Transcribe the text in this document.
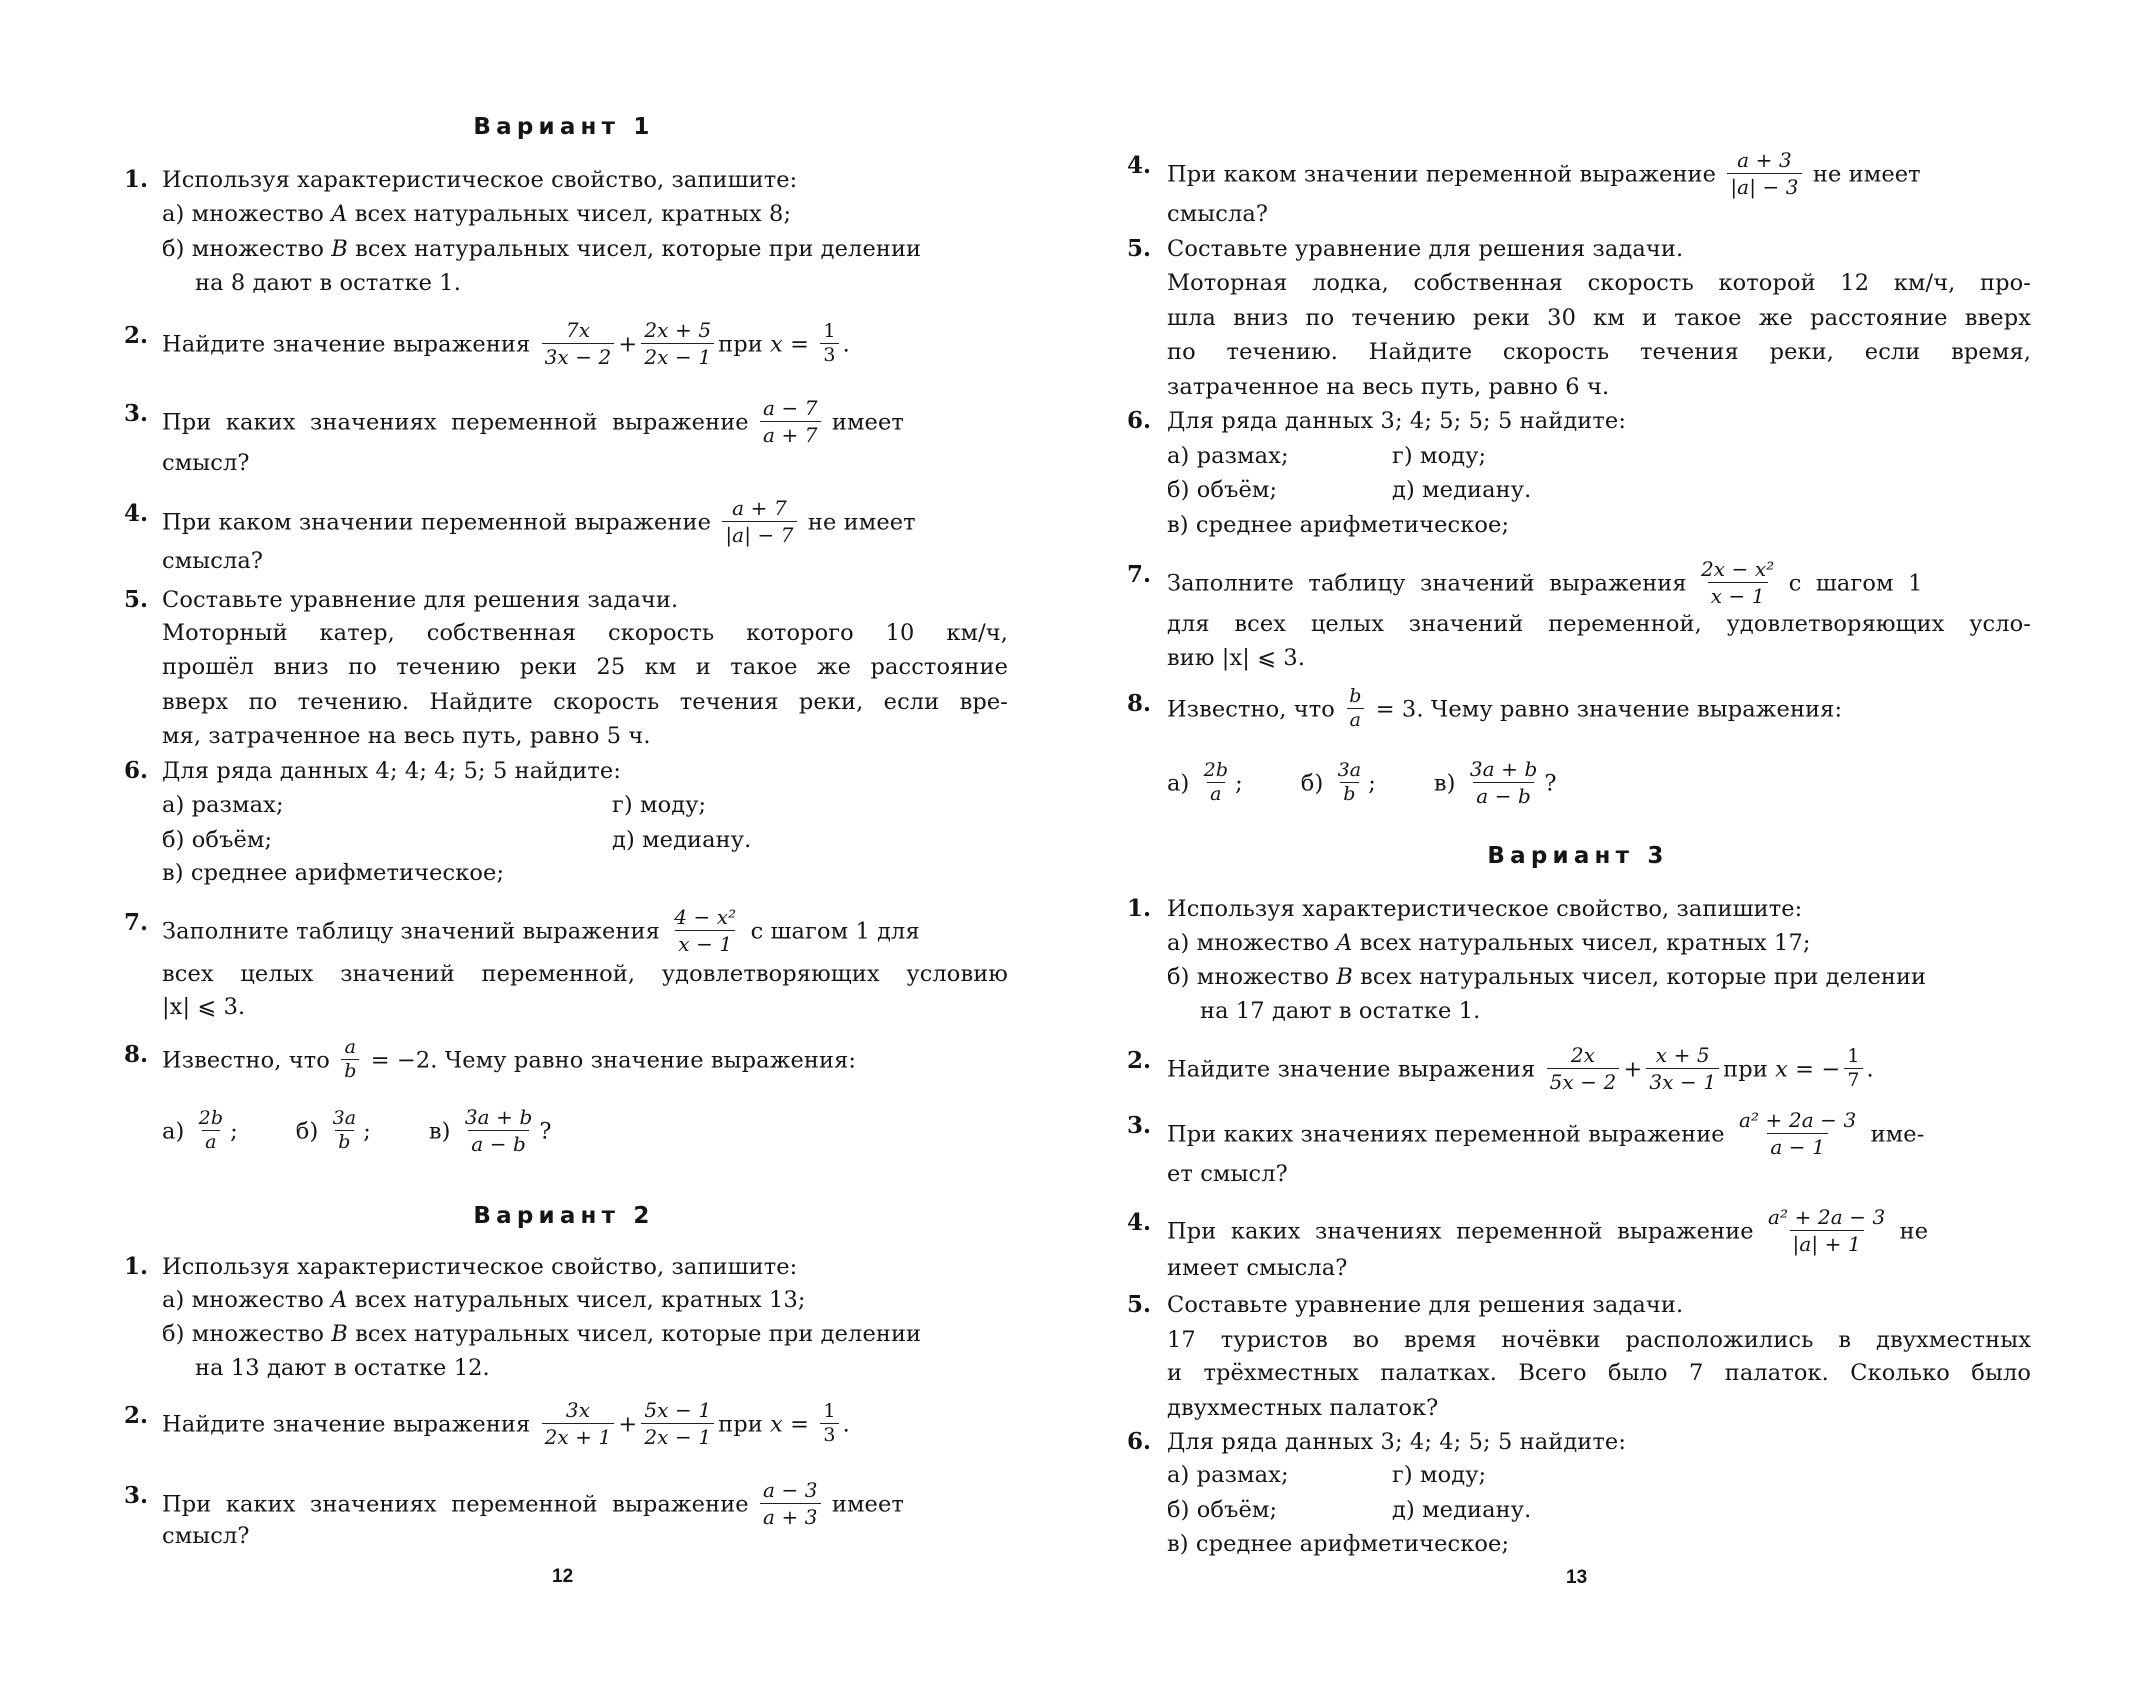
Вариант 1
1. Используя характеристическое свойство, запишите:
а) множество A всех натуральных чисел, кратных 8;
б) множество B всех натуральных чисел, которые при делении
на 8 дают в остатке 1.
2. Найдите значение выражения $\frac{7x}{3x - 2} + \frac{2x + 5}{2x - 1}$ при $x = \frac{1}{3}$ .
3. При  каких  значениях  переменной  выражение $\frac{a - 7}{a + 7}$ имеет
смысл?
4. При каком значении переменной выражение $\frac{a + 7}{|a| - 7}$ не имеет
смысла?
5. Составьте уравнение для решения задачи.
Моторный  катер,  собственная  скорость  которого  10  км/ч,
прошёл вниз по течению реки 25 км и такое же расстояние
вверх по течению. Найдите скорость течения реки, если вре-
мя, затраченное на весь путь, равно 5 ч.
6. Для ряда данных 4; 4; 4; 5; 5 найдите:
г) моду;
а) размах;
д) медиану.
б) объём;
в) среднее арифметическое;
7. Заполните таблицу значений выражения $\frac{\text{4 − x²}}{x - 1}$ с шагом 1 для
всех целых значений переменной, удовлетворяющих условию
|x| ⩽ 3.
8. Известно, что $\frac{a}{b} = -2$. Чему равно значение выражения:
$а) \frac{2b}{a}$ ;        $б) \frac{3a}{b}$ ;        $в) \frac{3a + b}{a - b}$ ?
Вариант 2
1. Используя характеристическое свойство, запишите:
а) множество A всех натуральных чисел, кратных 13;
б) множество B всех натуральных чисел, которые при делении
на 13 дают в остатке 12.
2. Найдите значение выражения $\frac{3x}{2x + 1} + \frac{5x - 1}{2x - 1}$ при $x = \frac{1}{3}$ .
3. При  каких  значениях  переменной  выражение $\frac{a - 3}{a + 3}$ имеет
смысл?
12
4. При каком значении переменной выражение $\frac{a + 3}{|a| - 3}$ не имеет
смысла?
5. Составьте уравнение для решения задачи.
Моторная лодка, собственная скорость которой 12 км/ч, про-
шла вниз по течению реки 30 км и такое же расстояние вверх
по  течению.  Найдите  скорость  течения  реки,  если  время,
затраченное на весь путь, равно 6 ч.
6. Для ряда данных 3; 4; 5; 5; 5 найдите:
г) моду;
а) размах;
д) медиану.
б) объём;
в) среднее арифметическое;
7. Заполните  таблицу  значений  выражения $\frac{\text{2x − x²}}{x - 1}$ с  шагом  1
для всех целых значений переменной, удовлетворяющих усло-
вию |x| ⩽ 3.
8. Известно, что $\frac{b}{a} = 3$. Чему равно значение выражения:
$а) \frac{2b}{a}$ ;        $б) \frac{3a}{b}$ ;        $в) \frac{3a + b}{a - b}$ ?
Вариант 3
1. Используя характеристическое свойство, запишите:
а) множество A всех натуральных чисел, кратных 17;
б) множество B всех натуральных чисел, которые при делении
на 17 дают в остатке 1.
2. Найдите значение выражения $\frac{2x}{5x - 2} + \frac{x + 5}{3x - 1}$ при x = − $\frac{1}{7}$ .
3. При каких значениях переменной выражение $\frac{\text{a² + 2a − 3}}{a - 1} име-$
ет смысл?
4. При  каких  значениях  переменной  выражение $\frac{\text{a² + 2a − 3}}{|a| + 1}$ не
имеет смысла?
5. Составьте уравнение для решения задачи.
17 туристов во время ночёвки расположились в двухместных
и трёхместных палатках. Всего было 7 палаток. Сколько было
двухместных палаток?
6. Для ряда данных 3; 4; 4; 5; 5 найдите:
г) моду;
а) размах;
д) медиану.
б) объём;
в) среднее арифметическое;
13
